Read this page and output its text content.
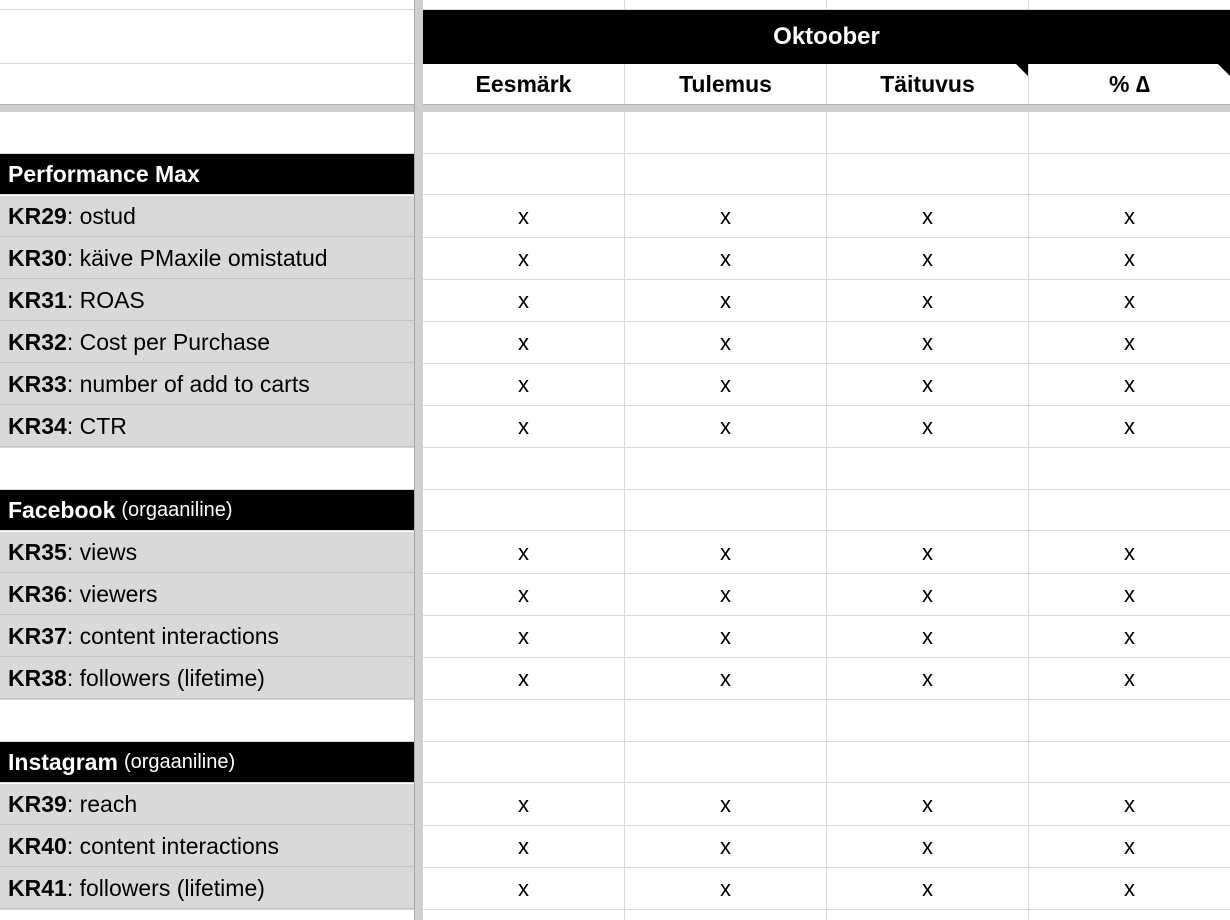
Oktoober
Eesmärk	Tulemus	Täituvus	% ∆
Performance Max
KR29 : ostud	x	x	x	x
KR30 : käive PMaxile omistatud	x	x	x	x
KR31 : ROAS	x	x	x	x
KR32 : Cost per Purchase	x	x	x	x
KR33 : number of add to carts	x	x	x	x
KR34 : CTR	x	x	x	x
Facebook (orgaaniline)
KR35 : views	x	x	x	x
KR36 : viewers	x	x	x	x
KR37 : content interactions	x	x	x	x
KR38 : followers (lifetime)	x	x	x	x
Instagram (orgaaniline)
KR39 : reach	x	x	x	x
KR40 : content interactions	x	x	x	x
KR41 : followers (lifetime)	x	x	x	x
